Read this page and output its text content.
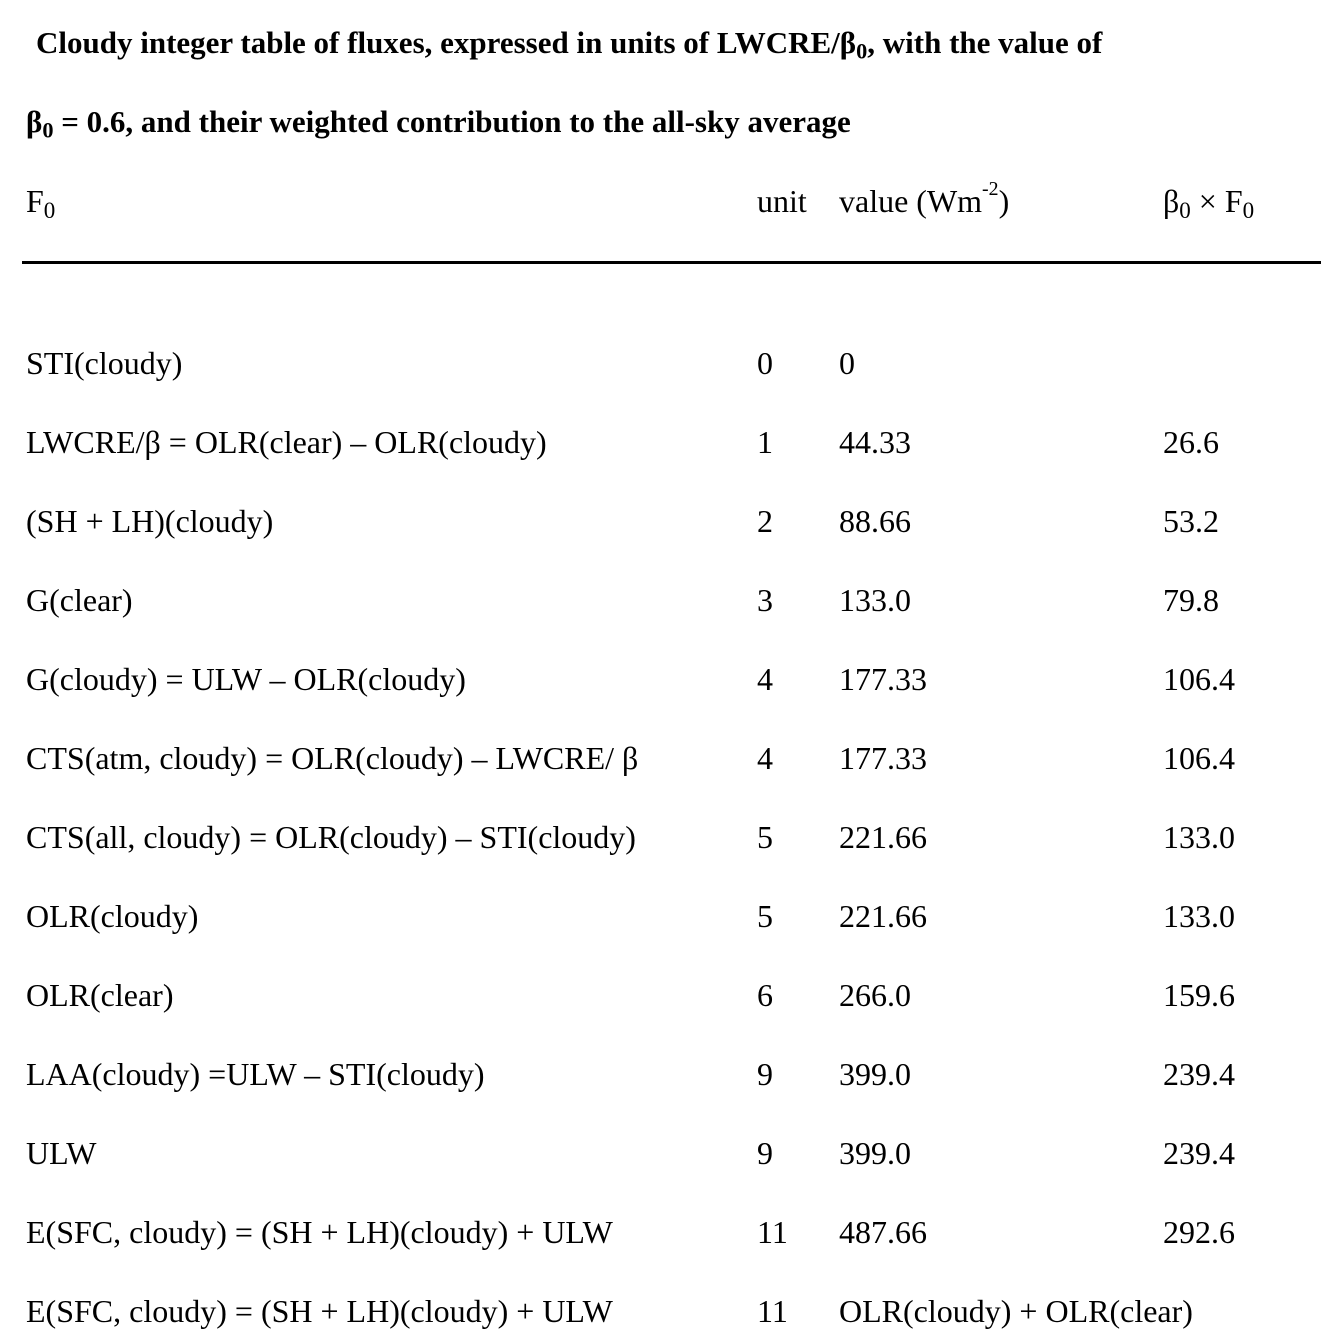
Cloudy integer table of fluxes, expressed in units of LWCRE/$\beta_0$, with the value of
$\beta_0 = 0.6$, and their weighted contribution to the all-sky average
$F_0$	unit value $(Wm^{-2})$	$\beta_0 \times F_0$
STI(cloudy)	0 0
LWCRE/β = OLR(clear) – OLR(cloudy)	1 44.33	26.6
(SH + LH)(cloudy)	2 88.66	53.2
G(clear)	3 133.0	79.8
G(cloudy) = ULW – OLR(cloudy)	4 177.33	106.4
CTS(atm, cloudy) = OLR(cloudy) – LWCRE/ β	4 177.33	106.4
CTS(all, cloudy) = OLR(cloudy) – STI(cloudy)	5 221.66	133.0
OLR(cloudy)	5 221.66	133.0
OLR(clear)	6 266.0	159.6
LAA(cloudy) =ULW – STI(cloudy)	9 399.0	239.4
ULW	9 399.0	239.4
E(SFC, cloudy) = (SH + LH)(cloudy) + ULW	11 487.66	292.6
E(SFC, cloudy) = (SH + LH)(cloudy) + ULW	11 OLR(cloudy) + OLR(clear)
